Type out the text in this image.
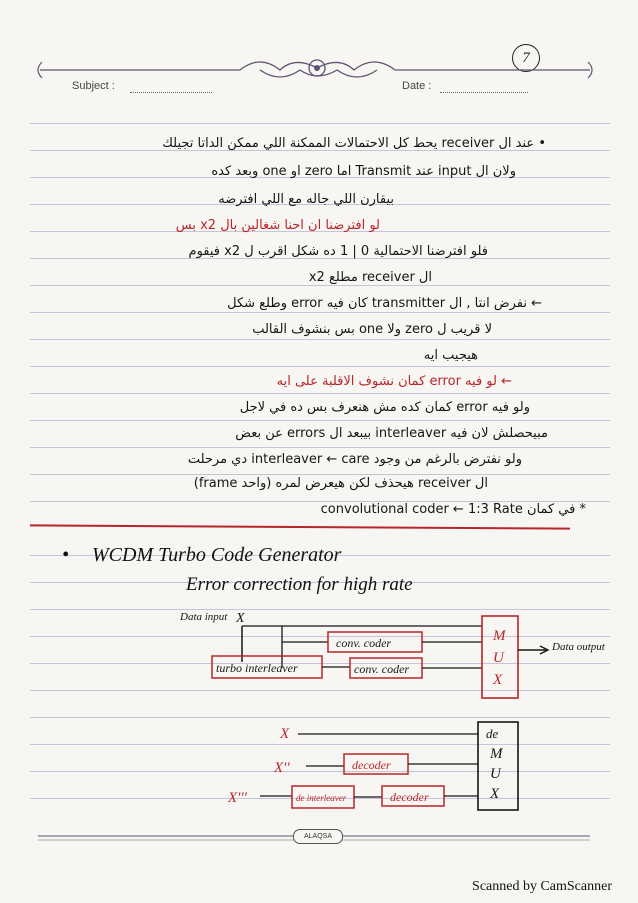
Subject :	Date :
7
• عند ال receiver يحط كل الاحتمالات الممكنة اللي ممكن الداتا تجيلك
ولان ال input عند Transmit اما zero او one وبعد كده
بيقارن اللي جاله مع اللي افترضه
لو افترضنا ان احنا شغالين بال x2 بس
فلو افترضنا الاحتمالية 0 | 1 ده شكل اقرب ل x2 فيقوم
ال receiver مطلع x2
← نفرض انتا , ال transmitter كان فيه error وطلع شكل
لا قريب ل zero ولا one بس بنشوف القالب
هيجيب ايه
← لو فيه error كمان نشوف الاقلبة على ايه
ولو فيه error كمان كده مش هنعرف بس ده في لاجل
مبيحصلش لان فيه interleaver بيبعد ال errors عن بعض
ولو نفترض بالرغم من وجود interleaver ← care دي مرحلت
ال receiver هيحذف لكن هيعرض لمره (واحد frame)
* في كمان convolutional coder ← 1:3 Rate
• WCDM Turbo Code Generator
Error correction for high rate
Data input X
conv. coder
turbo interleaver	conv. coder
M
U
X
Data output
X
X''	decoder
X'''	de interleaver	decoder
de
M
U
X
ALAQSA
Scanned by CamScanner
